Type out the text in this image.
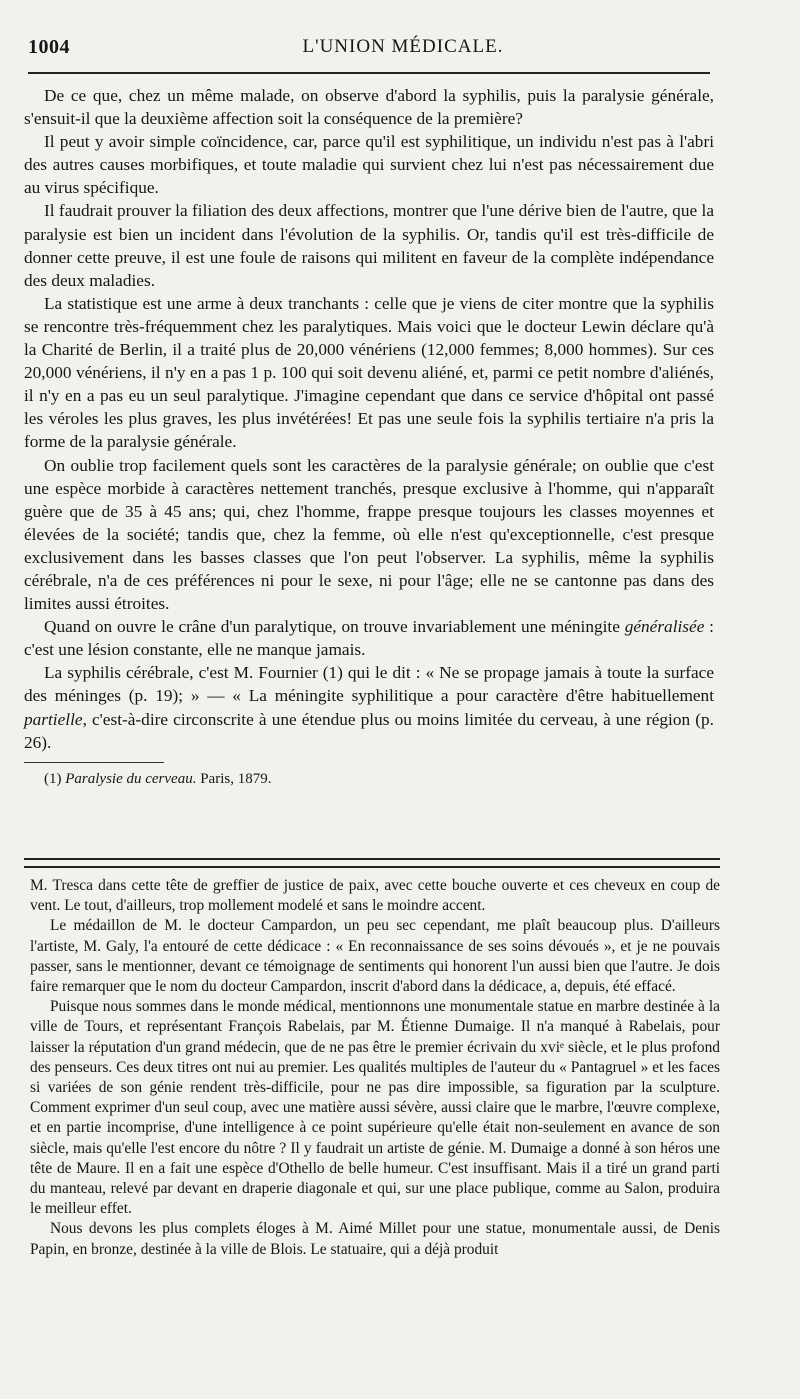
1004	L'UNION MÉDICALE.

De ce que, chez un même malade, on observe d'abord la syphilis, puis la paralysie générale, s'ensuit-il que la deuxième affection soit la conséquence de la première?

Il peut y avoir simple coïncidence, car, parce qu'il est syphilitique, un individu n'est pas à l'abri des autres causes morbifiques, et toute maladie qui survient chez lui n'est pas nécessairement due au virus spécifique.

Il faudrait prouver la filiation des deux affections, montrer que l'une dérive bien de l'autre, que la paralysie est bien un incident dans l'évolution de la syphilis. Or, tandis qu'il est très-difficile de donner cette preuve, il est une foule de raisons qui militent en faveur de la complète indépendance des deux maladies.

La statistique est une arme à deux tranchants : celle que je viens de citer montre que la syphilis se rencontre très-fréquemment chez les paralytiques. Mais voici que le docteur Lewin déclare qu'à la Charité de Berlin, il a traité plus de 20,000 vénériens (12,000 femmes; 8,000 hommes). Sur ces 20,000 vénériens, il n'y en a pas 1 p. 100 qui soit devenu aliéné, et, parmi ce petit nombre d'aliénés, il n'y en a pas eu un seul paralytique. J'imagine cependant que dans ce service d'hôpital ont passé les véroles les plus graves, les plus invétérées! Et pas une seule fois la syphilis tertiaire n'a pris la forme de la paralysie générale.

On oublie trop facilement quels sont les caractères de la paralysie générale; on oublie que c'est une espèce morbide à caractères nettement tranchés, presque exclusive à l'homme, qui n'apparaît guère que de 35 à 45 ans; qui, chez l'homme, frappe presque toujours les classes moyennes et élevées de la société; tandis que, chez la femme, où elle n'est qu'exceptionnelle, c'est presque exclusivement dans les basses classes que l'on peut l'observer. La syphilis, même la syphilis cérébrale, n'a de ces préférences ni pour le sexe, ni pour l'âge; elle ne se cantonne pas dans des limites aussi étroites.

Quand on ouvre le crâne d'un paralytique, on trouve invariablement une méningite généralisée : c'est une lésion constante, elle ne manque jamais.

La syphilis cérébrale, c'est M. Fournier (1) qui le dit : « Ne se propage jamais à toute la surface des méninges (p. 19); » — « La méningite syphilitique a pour caractère d'être habituellement partielle, c'est-à-dire circonscrite à une étendue plus ou moins limitée du cerveau, à une région (p. 26).

(1) Paralysie du cerveau. Paris, 1879.

M. Tresca dans cette tête de greffier de justice de paix, avec cette bouche ouverte et ces cheveux en coup de vent. Le tout, d'ailleurs, trop mollement modelé et sans le moindre accent.

Le médaillon de M. le docteur Campardon, un peu sec cependant, me plaît beaucoup plus. D'ailleurs l'artiste, M. Galy, l'a entouré de cette dédicace : « En reconnaissance de ses soins dévoués », et je ne pouvais passer, sans le mentionner, devant ce témoignage de sentiments qui honorent l'un aussi bien que l'autre. Je dois faire remarquer que le nom du docteur Campardon, inscrit d'abord dans la dédicace, a, depuis, été effacé.

Puisque nous sommes dans le monde médical, mentionnons une monumentale statue en marbre destinée à la ville de Tours, et représentant François Rabelais, par M. Étienne Dumaige. Il n'a manqué à Rabelais, pour laisser la réputation d'un grand médecin, que de ne pas être le premier écrivain du xviᵉ siècle, et le plus profond des penseurs. Ces deux titres ont nui au premier. Les qualités multiples de l'auteur du « Pantagruel » et les faces si variées de son génie rendent très-difficile, pour ne pas dire impossible, sa figuration par la sculpture. Comment exprimer d'un seul coup, avec une matière aussi sévère, aussi claire que le marbre, l'œuvre complexe, et en partie incomprise, d'une intelligence à ce point supérieure qu'elle était non-seulement en avance de son siècle, mais qu'elle l'est encore du nôtre ? Il y faudrait un artiste de génie. M. Dumaige a donné à son héros une tête de Maure. Il en a fait une espèce d'Othello de belle humeur. C'est insuffisant. Mais il a tiré un grand parti du manteau, relevé par devant en draperie diagonale et qui, sur une place publique, comme au Salon, produira le meilleur effet.

Nous devons les plus complets éloges à M. Aimé Millet pour une statue, monumentale aussi, de Denis Papin, en bronze, destinée à la ville de Blois. Le statuaire, qui a déjà produit
